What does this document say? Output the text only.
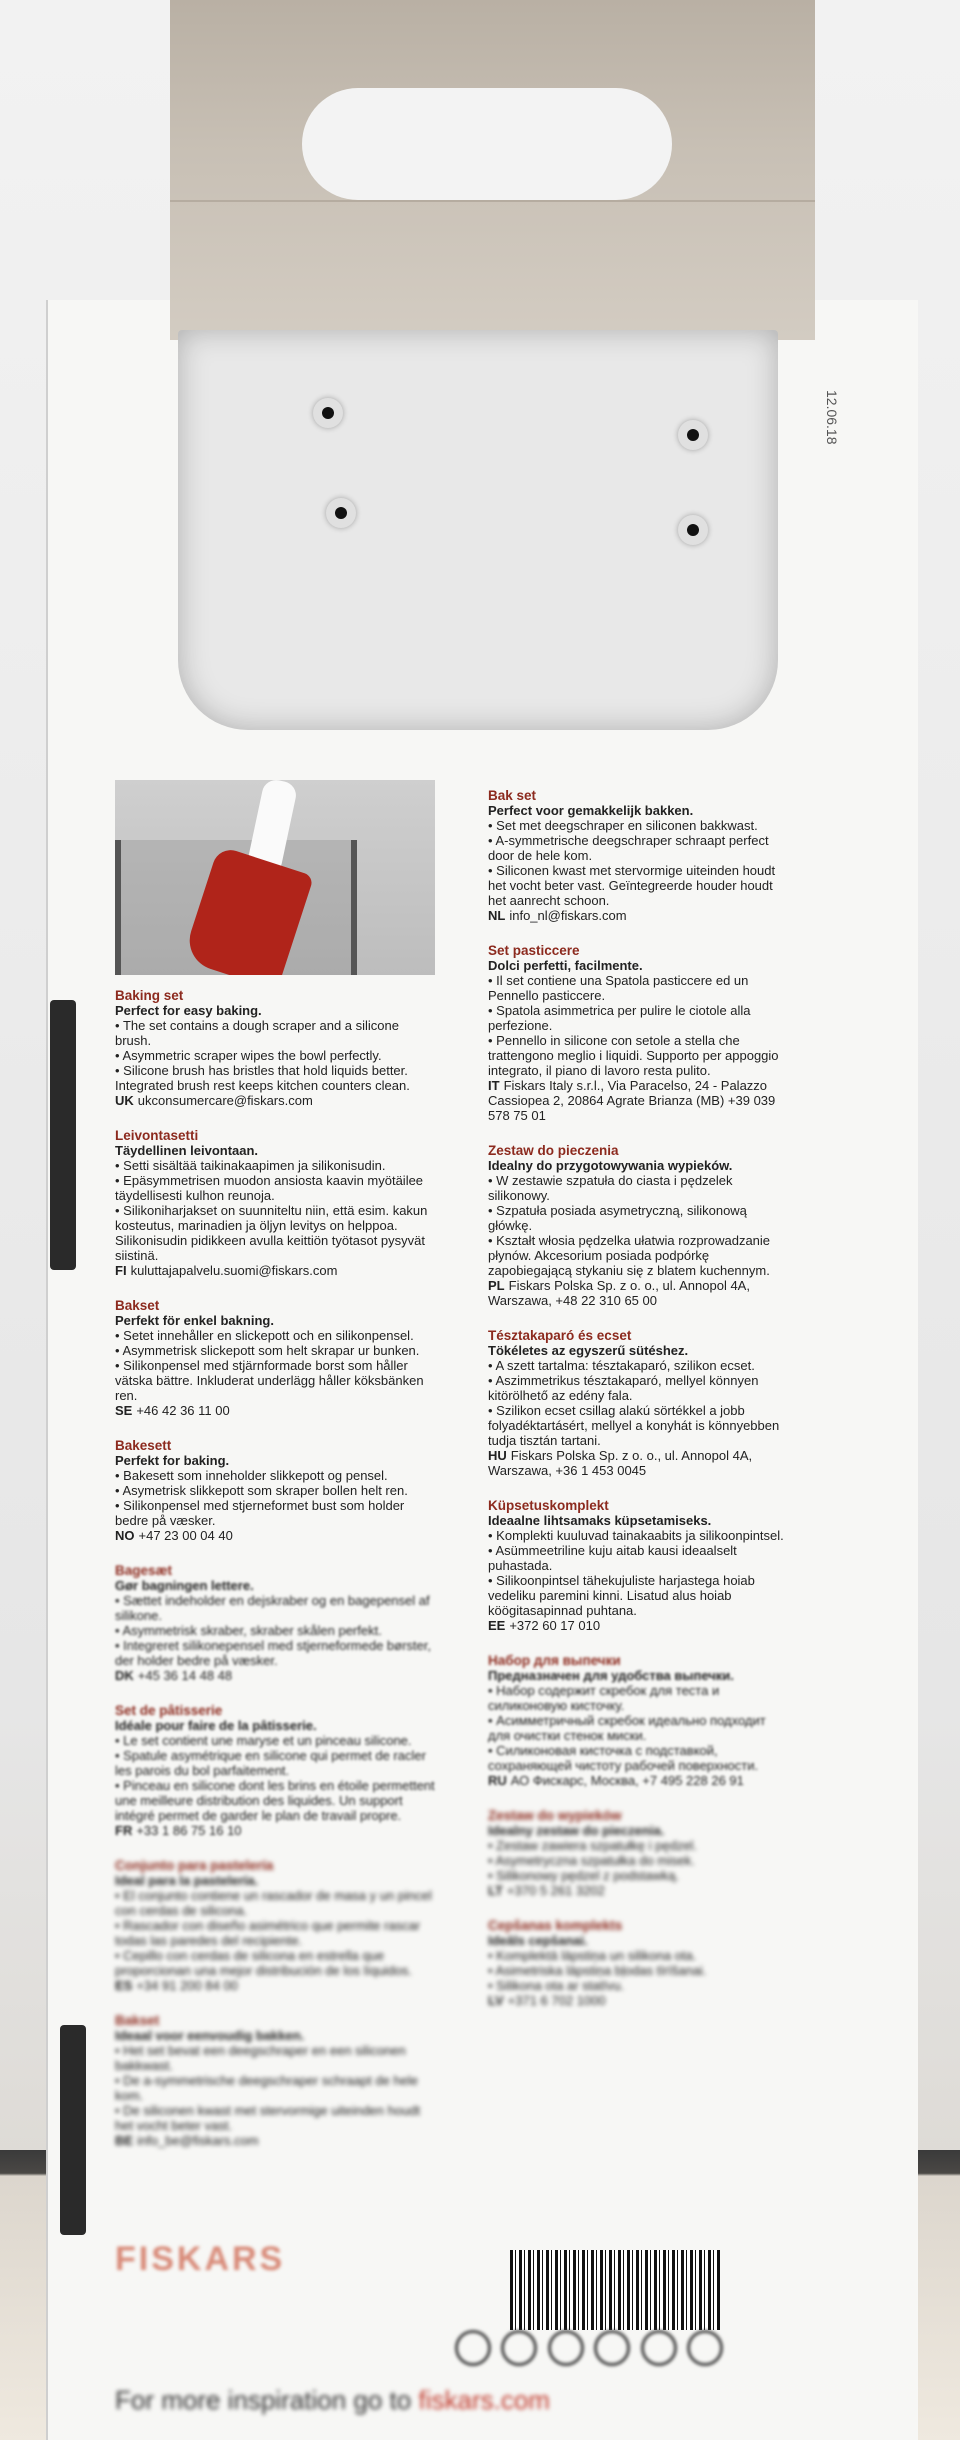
12.06.18
Baking set
Perfect for easy baking.
• The set contains a dough scraper and a silicone brush.
• Asymmetric scraper wipes the bowl perfectly.
• Silicone brush has bristles that hold liquids better. Integrated brush rest keeps kitchen counters clean.
UK ukconsumercare@fiskars.com
Leivontasetti
Täydellinen leivontaan.
• Setti sisältää taikinakaapimen ja silikonisudin.
• Epäsymmetrisen muodon ansiosta kaavin myötäilee täydellisesti kulhon reunoja.
• Silikoniharjakset on suunniteltu niin, että esim. kakun kosteutus, marinadien ja öljyn levitys on helppoa. Silikonisudin pidikkeen avulla keittiön työtasot pysyvät siistinä.
FI kuluttajapalvelu.suomi@fiskars.com
Bakset
Perfekt för enkel bakning.
• Setet innehåller en slickepott och en silikonpensel.
• Asymmetrisk slickepott som helt skrapar ur bunken.
• Silikonpensel med stjärnformade borst som håller vätska bättre. Inkluderat underlägg håller köksbänken ren.
SE +46 42 36 11 00
Bakesett
Perfekt for baking.
• Bakesett som inneholder slikkepott og pensel.
• Asymetrisk slikkepott som skraper bollen helt ren.
• Silikonpensel med stjerneformet bust som holder bedre på væsker.
NO +47 23 00 04 40
Bagesæt
Gør bagningen lettere.
• Sættet indeholder en dejskraber og en bagepensel af silikone.
• Asymmetrisk skraber, skraber skålen perfekt.
• Integreret silikonepensel med stjerneformede børster, der holder bedre på væsker.
DK +45 36 14 48 48
Set de pâtisserie
Idéale pour faire de la pâtisserie.
• Le set contient une maryse et un pinceau silicone.
• Spatule asymétrique en silicone qui permet de racler les parois du bol parfaitement.
• Pinceau en silicone dont les brins en étoile permettent une meilleure distribution des liquides. Un support intégré permet de garder le plan de travail propre.
FR +33 1 86 75 16 10
Conjunto para pastelería
Ideal para la pastelería.
• El conjunto contiene un rascador de masa y un pincel con cerdas de silicona.
• Rascador con diseño asimétrico que permite rascar todas las paredes del recipiente.
• Cepillo con cerdas de silicona en estrella que proporcionan una mejor distribución de los líquidos.
ES +34 91 200 84 00
Bakset
Ideaal voor eenvoudig bakken.
• Het set bevat een deegschraper en een siliconen bakkwast.
• De a-symmetrische deegschraper schraapt de hele kom.
• De siliconen kwast met stervormige uiteinden houdt het vocht beter vast.
BE info_be@fiskars.com
Bak set
Perfect voor gemakkelijk bakken.
• Set met deegschraper en siliconen bakkwast.
• A-symmetrische deegschraper schraapt perfect door de hele kom.
• Siliconen kwast met stervormige uiteinden houdt het vocht beter vast. Geïntegreerde houder houdt het aanrecht schoon.
NL info_nl@fiskars.com
Set pasticcere
Dolci perfetti, facilmente.
• Il set contiene una Spatola pasticcere ed un Pennello pasticcere.
• Spatola asimmetrica per pulire le ciotole alla perfezione.
• Pennello in silicone con setole a stella che trattengono meglio i liquidi. Supporto per appoggio integrato, il piano di lavoro resta pulito.
IT Fiskars Italy s.r.l., Via Paracelso, 24 - Palazzo Cassiopea 2, 20864 Agrate Brianza (MB) +39 039 578 75 01
Zestaw do pieczenia
Idealny do przygotowywania wypieków.
• W zestawie szpatuła do ciasta i pędzelek silikonowy.
• Szpatuła posiada asymetryczną, silikonową główkę.
• Kształt włosia pędzelka ułatwia rozprowadzanie płynów. Akcesorium posiada podpórkę zapobiegającą stykaniu się z blatem kuchennym.
PL Fiskars Polska Sp. z o. o., ul. Annopol 4A, Warszawa, +48 22 310 65 00
Tésztakaparó és ecset
Tökéletes az egyszerű sütéshez.
• A szett tartalma: tésztakaparó, szilikon ecset.
• Aszimmetrikus tésztakaparó, mellyel könnyen kitörölhető az edény fala.
• Szilikon ecset csillag alakú sörtékkel a jobb folyadéktartásért, mellyel a konyhát is könnyebben tudja tisztán tartani.
HU Fiskars Polska Sp. z o. o., ul. Annopol 4A, Warszawa, +36 1 453 0045
Küpsetuskomplekt
Ideaalne lihtsamaks küpsetamiseks.
• Komplekti kuuluvad tainakaabits ja silikoonpintsel.
• Asümmeetriline kuju aitab kausi ideaalselt puhastada.
• Silikoonpintsel tähekujuliste harjastega hoiab vedeliku paremini kinni. Lisatud alus hoiab köögitasapinnad puhtana.
EE +372 60 17 010
Набор для выпечки
Предназначен для удобства выпечки.
• Набор содержит скребок для теста и силиконовую кисточку.
• Асимметричный скребок идеально подходит для очистки стенок миски.
• Силиконовая кисточка с подставкой, сохраняющей чистоту рабочей поверхности.
RU АО Фискарс, Москва, +7 495 228 26 91
Zestaw do wypieków
Idealny zestaw do pieczenia.
• Zestaw zawiera szpatułkę i pędzel.
• Asymetryczna szpatułka do misek.
• Silikonowy pędzel z podstawką.
LT +370 5 261 3202
Cepšanas komplekts
Ideāls cepšanai.
• Komplektā lāpstiņa un silikona ota.
• Asimetriska lāpstiņa bļodas tīrīšanai.
• Silikona ota ar statīvu.
LV +371 6 702 1000
FISKARS

For more inspiration go to fiskars.com
